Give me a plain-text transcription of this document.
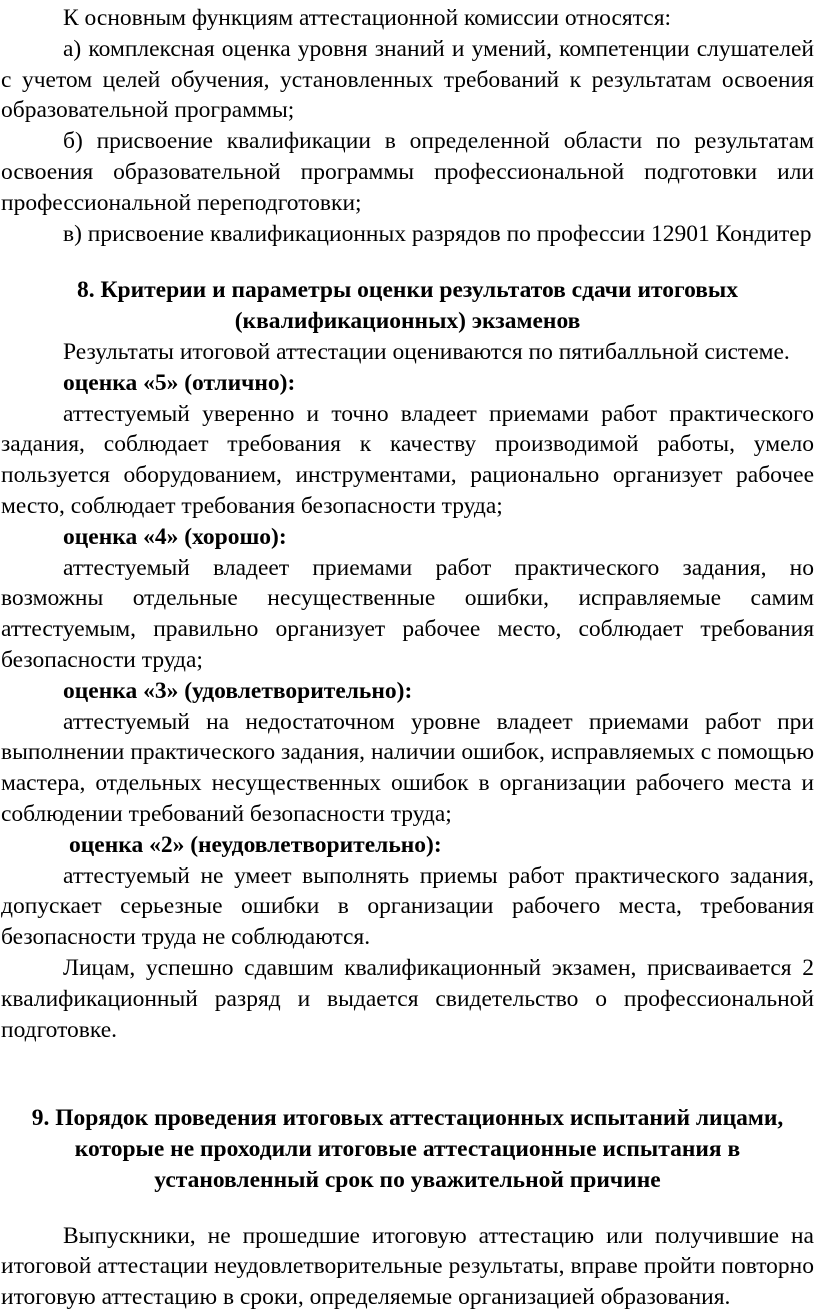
К основным функциям аттестационной комиссии относятся:

а) комплексная оценка уровня знаний и умений, компетенции слушателей с учетом целей обучения, установленных требований к результатам освоения образовательной программы;

б) присвоение квалификации в определенной области по результатам освоения образовательной программы профессиональной подготовки или профессиональной переподготовки;

в) присвоение квалификационных разрядов по профессии 12901 Кондитер

8. Критерии и параметры оценки результатов сдачи итоговых (квалификационных) экзаменов

Результаты итоговой аттестации оцениваются по пятибалльной системе.

оценка «5» (отлично):

аттестуемый уверенно и точно владеет приемами работ практического задания, соблюдает требования к качеству производимой работы, умело пользуется оборудованием, инструментами, рационально организует рабочее место, соблюдает требования безопасности труда;

оценка «4» (хорошо):

аттестуемый владеет приемами работ практического задания, но возможны отдельные несущественные ошибки, исправляемые самим аттестуемым, правильно организует рабочее место, соблюдает требования безопасности труда;

оценка «3» (удовлетворительно):

аттестуемый на недостаточном уровне владеет приемами работ при выполнении практического задания, наличии ошибок, исправляемых с помощью мастера, отдельных несущественных ошибок в организации рабочего места и соблюдении требований безопасности труда;

оценка «2» (неудовлетворительно):

аттестуемый не умеет выполнять приемы работ практического задания, допускает серьезные ошибки в организации рабочего места, требования безопасности труда не соблюдаются.

Лицам, успешно сдавшим квалификационный экзамен, присваивается 2 квалификационный разряд и выдается свидетельство о профессиональной подготовке.

9. Порядок проведения итоговых аттестационных испытаний лицами, которые не проходили итоговые аттестационные испытания в установленный срок по уважительной причине

Выпускники, не прошедшие итоговую аттестацию или получившие на итоговой аттестации неудовлетворительные результаты, вправе пройти повторно итоговую аттестацию в сроки, определяемые организацией образования.
